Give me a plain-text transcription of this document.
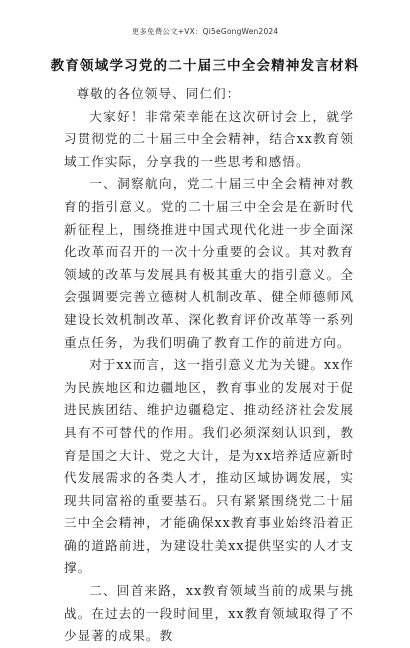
更多免费公文+VX：Qi5eGongWen2024
教育领域学习党的二十届三中全会精神发言材料

尊敬的各位领导、同仁们：

大家好！非常荣幸能在这次研讨会上，就学习贯彻党的二十届三中全会精神，结合xx教育领域工作实际，分享我的一些思考和感悟。

一、洞察航向，党二十届三中全会精神对教育的指引意义。党的二十届三中全会是在新时代新征程上，围绕推进中国式现代化进一步全面深化改革而召开的一次十分重要的会议。其对教育领域的改革与发展具有极其重大的指引意义。全会强调要完善立德树人机制改革、健全师德师风建设长效机制改革、深化教育评价改革等一系列重点任务，为我们明确了教育工作的前进方向。

对于xx而言，这一指引意义尤为关键。xx作为民族地区和边疆地区，教育事业的发展对于促进民族团结、维护边疆稳定、推动经济社会发展具有不可替代的作用。我们必须深刻认识到，教育是国之大计、党之大计，是为xx培养适应新时代发展需求的各类人才，推动区域协调发展，实现共同富裕的重要基石。只有紧紧围绕党二十届三中全会精神，才能确保xx教育事业始终沿着正确的道路前进，为建设壮美xx提供坚实的人才支撑。

二、回首来路，xx教育领域当前的成果与挑战。在过去的一段时间里，xx教育领域取得了不少显著的成果。教
